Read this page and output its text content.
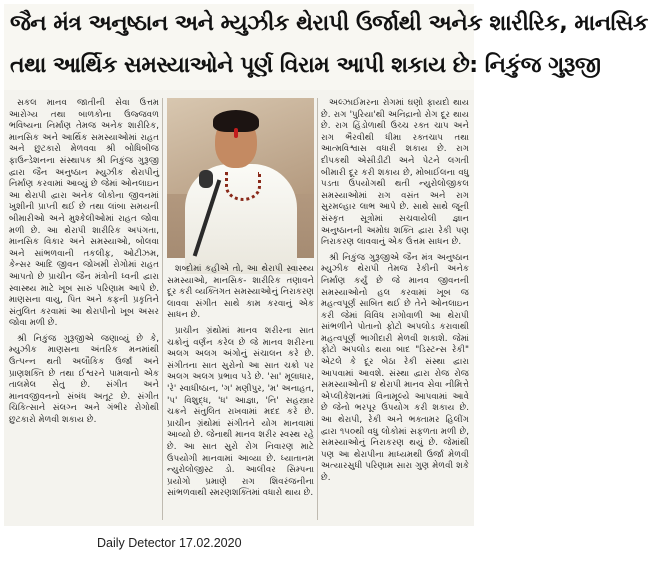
જૈન મંત્ર અનુષ્ઠાન અને મ્યુઝીક થેરાપી ઉર્જાથી અનેક શારીરિક, માનસિક
તથા આર્થિક સમસ્યાઓને પૂર્ણ વિરામ આપી શકાય છે: નિકુંજ ગુરૂજી

સકલ માનવ જાતીની સેવા ઉત્તમ આરોગ્ય તથા બાળકોના ઉજ્જવળ ભવિષ્યના નિર્માણ તેમજ અનેક શારીરિક, માનસિક અને આર્થિક સમસ્યાઓમાં રાહત અને છુટકારો મેળવવા શ્રી બોધિબીજ ફાઉન્ડેશનના સંસ્થાપક શ્રી નિકુંજ ગુરૂજી દ્વારા જૈન અનુષ્ઠાન મ્યુઝીક થેરાપીનું નિર્માણ કરવામાં આવ્યું છે જેમાં ઓનલાઇન આ થેરાપી દ્વારા અનેક લોકોના જીવનમાં ખુશીની પ્રાપ્તી થઈ છે તથા લાંબા સમયની બીમારીઓ અને મુશ્કેલીઓમાં રાહત જોવા મળી છે. આ થેરાપી શારીરિક અપંગતા, માનસિક વિકાર અને સમસ્યાઓ, બોલવા અને સાંભળવાની તકલીફ, ઓટીઝમ, કેન્સર આદિ જીવન જોખમી રોગોમાં રાહત આપતો છે પ્રાચીન જૈન મંત્રોની ધ્વની દ્વારા સ્વાસ્થ્ય માટે ખૂબ સારું પરિણામ આપે છે. માણસના વાયુ, પિત અને કફની પ્રકૃતિને સંતુલિત કરવામાં આ થેરાપીનો ખૂબ અસર જોવા મળી છે.

શ્રી નિકુંજ ગુરૂજીએ જણાવ્યું છે કે, મ્યુઝીક માણસના અંતરિક મનમાંથી ઉત્પન્ન થતી અલૌકિક ઉર્જા અને પ્રાણશક્તિ છે તથા ઈશ્વરને પામવાનો એક તાલમેલ સેતુ છે. સંગીત અને માનવજીવનનો સંબંધ અતૂટ છે. સંગીત ચિકિત્સાને સંલગ્ન અને ગંભીર રોગોથી છુટકારો મેળવી શકાય છે.

શબ્દોમાં કહીએ તો, આ થેરાપી સ્વાસ્થ્ય સમસ્યાઓ, માનસિક- શારીરિક તણાવને દૂર કરી વ્યક્તિગત સમસ્યાઓનું નિરાકરણ લાવવા સંગીત સાથે કામ કરવાનું એક સાધન છે.

પ્રાચીન ગ્રંથોમાં માનવ શરીરના સાત ચક્રોનું વર્ણન કરેલ છે જે માનવ શરીરના અલગ અલગ અંગોનું સંચાલન કરે છે. સંગીતના સાત સુરોનો આ સાત ચક્રો પર અલગ અલગ પ્રભાવ પડે છે. 'સા' મૂલાધાર, 'રે' સ્વાધીષ્ઠાન, 'ગ' મણીપુર, 'મ' અનાહત, 'પ' વિશુદ્ધ, 'ધ' આજ્ઞા, 'નિ' સહસ્ત્રાર ચક્રને સંતુલિત રાખવામાં મદદ કરે છે. પ્રાચીન ગ્રંથોમાં સંગીતને યોગ માનવામાં આવ્યો છે. જેનાથી માનવ શરીર સ્વસ્થ રહે છે. આ સાત સુરો રોગ નિવારણ માટે ઉપયોગી માનવામાં આવ્યા છે. ધ્યાતાનમ ન્યુરોલોજીસ્ટ ડો. આલીવર સિમ્પના પ્રયોગો પ્રમાણે રાગ શિવરંજનીના સાંભળવાથી સ્મરણશક્તિમાં વધારો થાય છે.

અલ્ઝાઈમરના રોગમાં ઘણો ફાયદો થાય છે. રાગ 'પુરિયા'થી અનિદ્રાનો રોગ દૂર થાય છે. રાગ હિંડોળાથી ઉચ્ચ રક્ત ચાપ અને રાગ ભૈરવીથી ધીમા રક્તચાપ તથા આત્મવિશ્વાસ વધારી શકાય છે. રાગ દીપકથી એસીડીટી અને પેટને લગતી બીમારી દૂર કરી શકાય છે, મોબાઈલના વધુ પડતા ઉપયોગથી થતી ન્યુરોલોજીકલ સમસ્યાઓમાં રાગ વસંત અને રાગ સુરમલ્હાર લાભ આપે છે. સાથે સાથે જૂની સંસ્કૃત સૂત્રોમાં સચવાયેલી જ્ઞાન અનુષ્ઠાનની અમોઘ શક્તિ દ્વારા રેકી પણ નિરાકરણ લાવવાનું એક ઉત્તમ સાધન છે.

શ્રી નિકુંજ ગુરૂજીએ જૈન મંત્ર અનુષ્ઠાન મ્યુઝીક થેરાપી તેમજ રેકીની અનેક નિર્માણ કર્યું છે જે માનવ જીવનની સમસ્યાઓનો હલ કરવામાં ખૂબ જ મહત્વપૂર્ણ સાબિત થઈ છે તેને ઓનલાઇન કરી જેમાં વિવિધ રાગોવાળી આ થેરાપી સાંભળીને પોતાનો ફોટો અપલોડ કરાવાથી મહત્વપૂર્ણ ભાગીદારી મેળવી શકાશે. જેમાં ફોટો અપલોડ થયા બાદ "ડિસ્ટન્સ રેકી" એટલે કે દૂર બેઠા રેકી સંસ્થા દ્વારા આપવામાં આવશે. સંસ્થા દ્વારા રોજ રોજ સમસ્યાઓની ૪ થેરાપી માનવ સેવા નીમિત્તે એપ્લીકેશનમાં વિનામૂલ્યે આપવામાં આવે છે જેનો ભરપૂર ઉપયોગ કરી શકાય છે. આ થેરાપી, રેકી અને ભક્તામર હિલીંગ દ્વારા ૧૫૦થી વધુ લોકોમાં સફળતા મળી છે, સમસ્યાઓનું નિરાકરણ થયું છે. જેમાંથી પણ આ થેરાપીના માધ્યમથી ઉર્જા મેળવી અત્યારસુધી પરિણામ સારા ગુણ મેળવી શકે છે.

Daily Detector 17.02.2020
